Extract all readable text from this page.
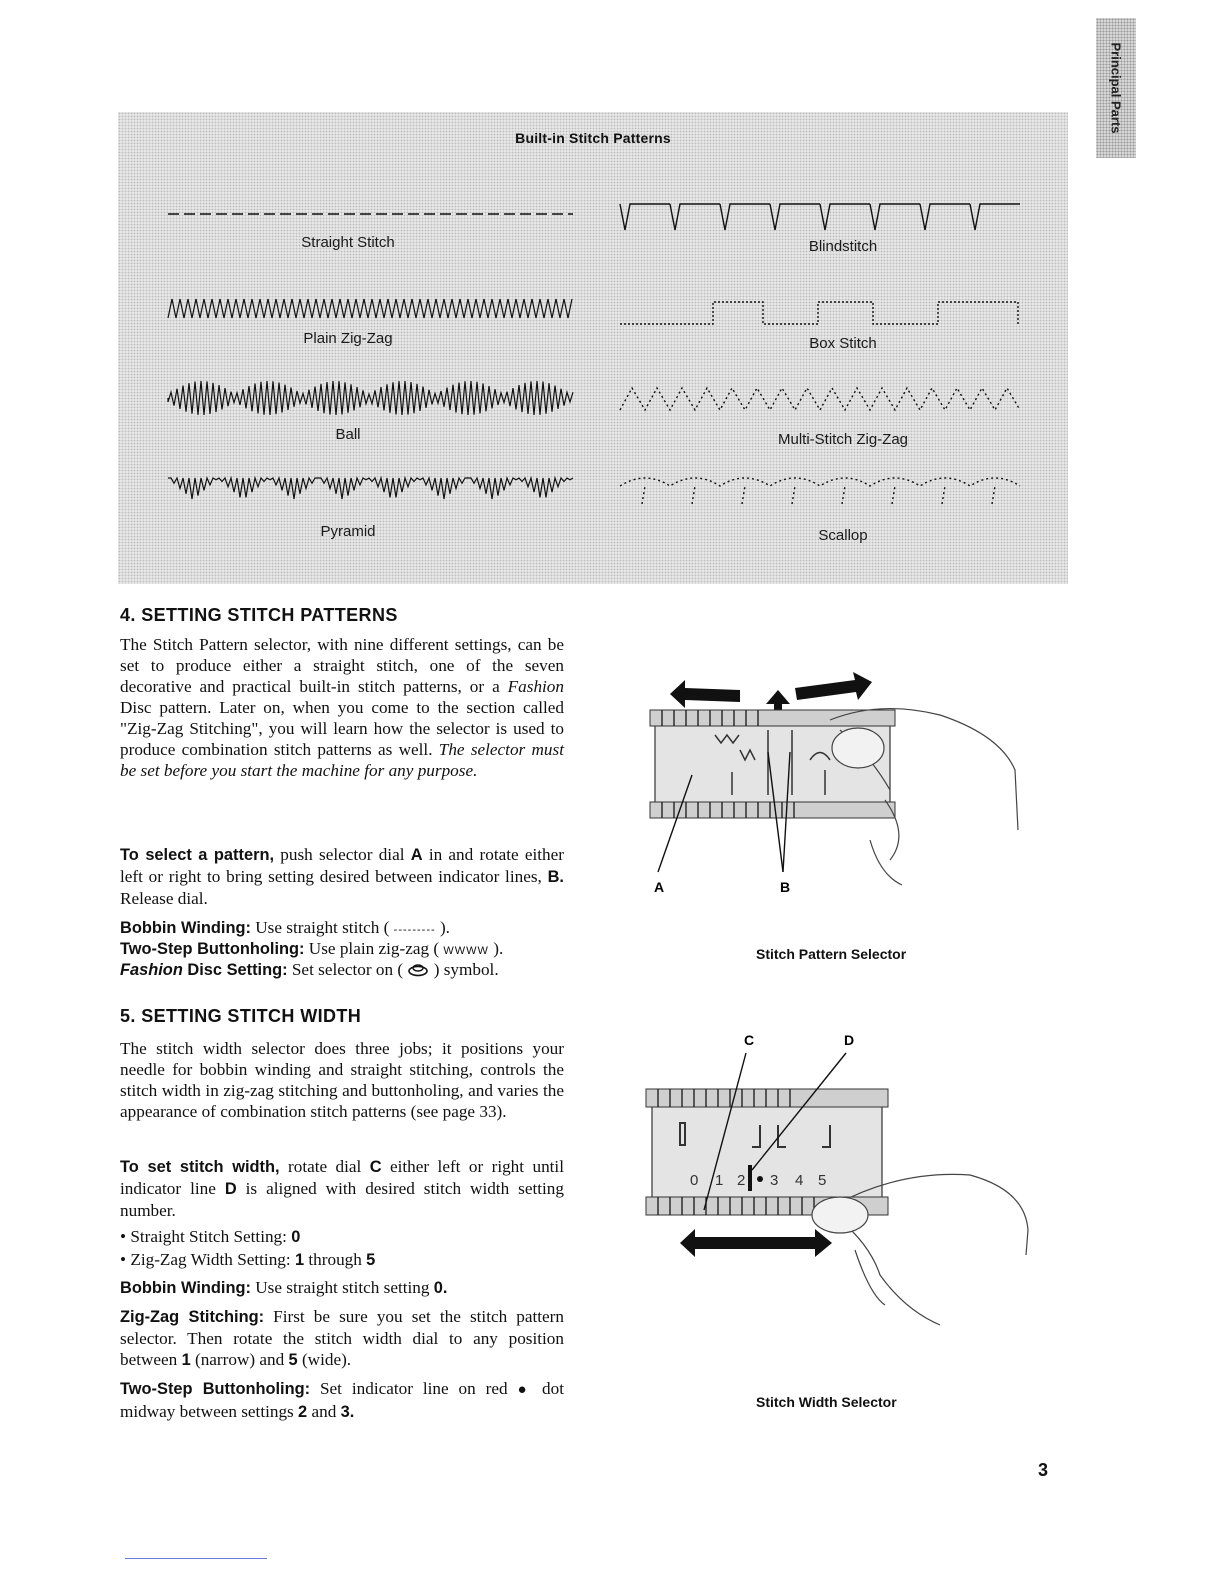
Principal Parts
Built-in Stitch Patterns
Straight Stitch	Blindstitch
Plain Zig-Zag	Box Stitch
Ball	Multi-Stitch Zig-Zag
Pyramid	Scallop
4. SETTING STITCH PATTERNS

The Stitch Pattern selector, with nine different settings, can be set to produce either a straight stitch, one of the seven decorative and practical built-in stitch patterns, or a Fashion Disc pattern. Later on, when you come to the section called "Zig-Zag Stitching", you will learn how the selector is used to produce combination stitch patterns as well. The selector must be set before you start the machine for any purpose.

To select a pattern, push selector dial A in and rotate either left or right to bring setting desired between indicator lines, B. Release dial.

Bobbin Winding: Use straight stitch ( --------- ).

Two-Step Buttonholing: Use plain zig-zag ( WWWW ).

Fashion Disc Setting: Set selector on ( ) symbol.

5. SETTING STITCH WIDTH

The stitch width selector does three jobs; it positions your needle for bobbin winding and straight stitching, controls the stitch width in zig-zag stitching and buttonholing, and varies the appearance of combination stitch patterns (see page 33).

To set stitch width, rotate dial C either left or right until indicator line D is aligned with desired stitch width setting number.

• Straight Stitch Setting: 0

• Zig-Zag Width Setting: 1 through 5

Bobbin Winding: Use straight stitch setting 0.

Zig-Zag Stitching: First be sure you set the stitch pattern selector. Then rotate the stitch width dial to any position between 1 (narrow) and 5 (wide).

Two-Step Buttonholing: Set indicator line on red ● dot midway between settings 2 and 3.

A	B
Stitch Pattern Selector
C	D
0 1 2 3 4 5
Stitch Width Selector
3
